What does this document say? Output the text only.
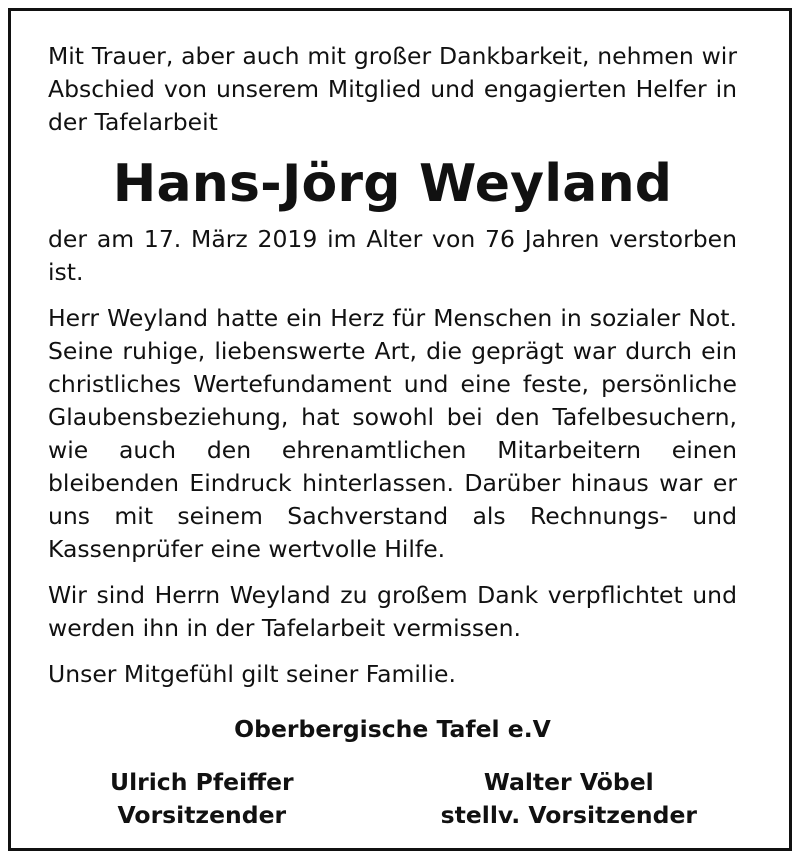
Mit Trauer, aber auch mit großer Dankbarkeit, nehmen wir Abschied von unserem Mitglied und engagierten Helfer in der Tafelarbeit

Hans-Jörg Weyland

der am 17. März 2019 im Alter von 76 Jahren verstorben ist.

Herr Weyland hatte ein Herz für Menschen in sozialer Not. Seine ruhige, liebenswerte Art, die geprägt war durch ein christliches Wertefundament und eine feste, persönliche Glaubensbeziehung, hat sowohl bei den Tafelbesuchern, wie auch den ehrenamtlichen Mitarbeitern einen bleibenden Eindruck hinterlassen. Darüber hinaus war er uns mit seinem Sachverstand als Rechnungs- und Kassenprüfer eine wertvolle Hilfe.

Wir sind Herrn Weyland zu großem Dank verpflichtet und werden ihn in der Tafelarbeit vermissen.

Unser Mitgefühl gilt seiner Familie.

Oberbergische Tafel e.V
Ulrich Pfeiffer
Vorsitzender
Walter Vöbel
stellv. Vorsitzender
